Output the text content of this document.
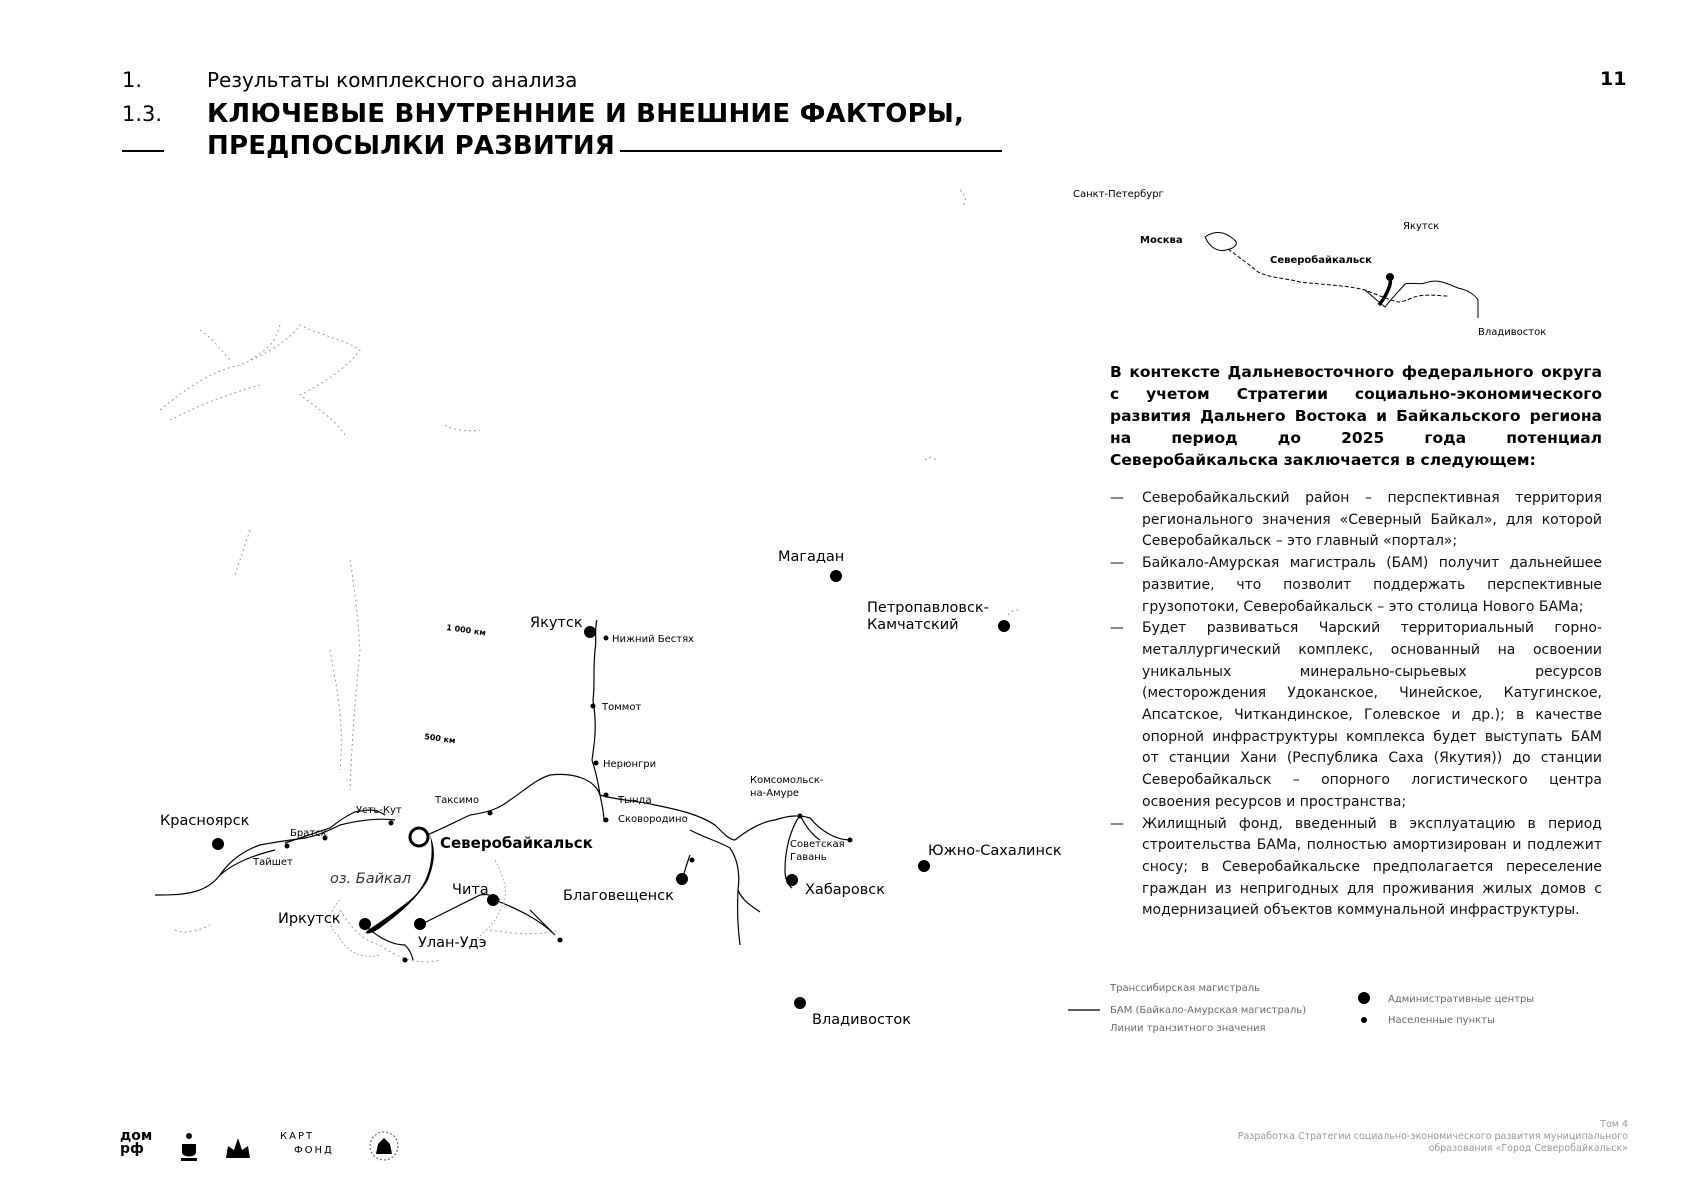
1.	Результаты комплексного анализа
1.3. КЛЮЧЕВЫЕ ВНУТРЕННИЕ И ВНЕШНИЕ ФАКТОРЫ,
ПРЕДПОСЫЛКИ РАЗВИТИЯ
11
Магадан
Петропавловск-
Камчатский
Якутск
Красноярск
Северобайкальск
Чита	Благовещенск	Хабаровск
Южно-Сахалинск
Иркутск
Улан-Удэ
Владивосток
Нижний Бестях
Томмот
Нерюнгри
Тында
Сковородино
Комсомольск-
на-Амуре
Советская
Гавань
Усть-Кут
Таксимо
Братск
Тайшет
оз. Байкал
1 000 км
500 км
Санкт-Петербург
Москва
Якутск
Северобайкальск
Владивосток
Транссибирская магистраль
БАМ (Байкало-Амурская магистраль)
Линии транзитного значения
Административные центры
Населенные пункты
В контексте Дальневосточного федерального округа с учетом Стратегии социально-экономического развития Дальнего Востока и Байкальского региона на период до 2025 года потенциал Северобайкальска заключается в следующем:
— Северобайкальский район – перспективная территория регионального значения «Северный Байкал», для которой Северобайкальск – это главный «портал»;
— Байкало-Амурская магистраль (БАМ) получит дальнейшее развитие, что позволит поддержать перспективные грузопотоки, Северобайкальск – это столица Нового БАМа;
— Будет развиваться Чарский территориальный горно-металлургический комплекс, основанный на освоении уникальных минерально-сырьевых ресурсов (месторождения Удоканское, Чинейское, Катугинское, Апсатское, Читкандинское, Голевское и др.); в качестве опорной инфраструктуры комплекса будет выступать БАМ от станции Хани (Республика Саха (Якутия)) до станции Северобайкальск – опорного логистического центра освоения ресурсов и пространства;
— Жилищный фонд, введенный в эксплуатацию в период строительства БАМа, полностью амортизирован и подлежит сносу; в Северобайкальске предполагается переселение граждан из непригодных для проживания жилых домов с модернизацией объектов коммунальной инфраструктуры.
дом
рф
КАРТ
ФОНД
Том 4
Разработка Стратегии социально-экономического развития муниципального
образования «Город Северобайкальск»
